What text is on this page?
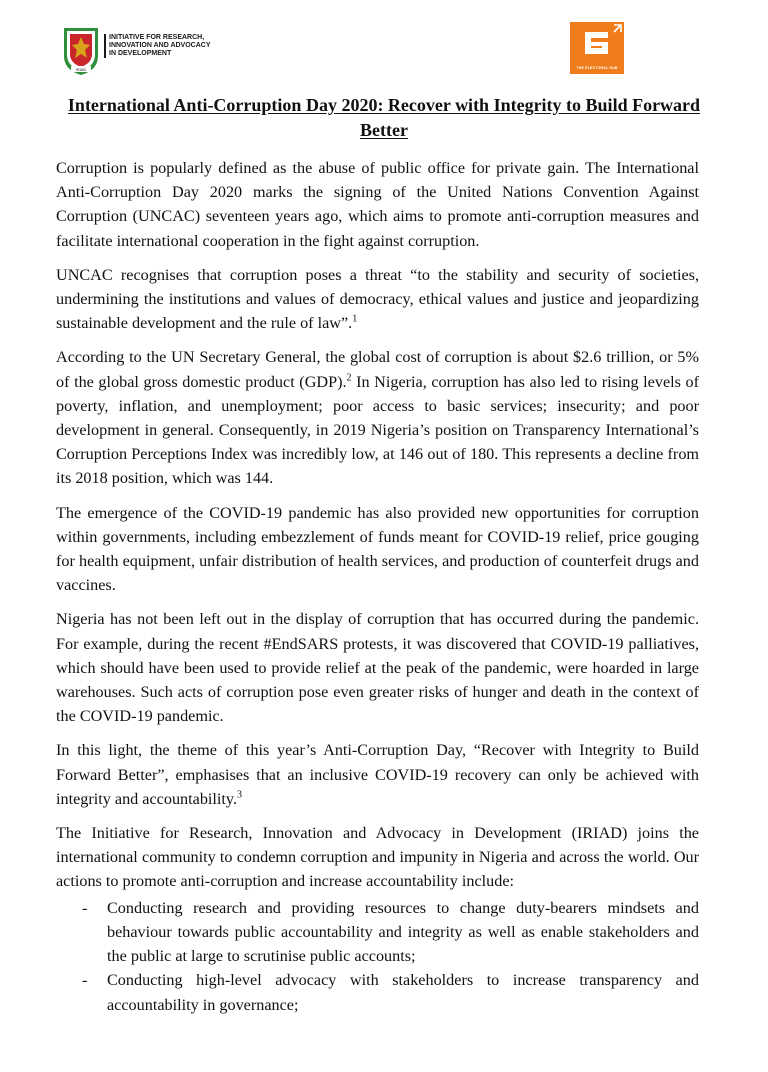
IRIAD
INITIATIVE FOR RESEARCH,
INNOVATION AND ADVOCACY
IN DEVELOPMENT
THE ELECTORAL HUB
International Anti-Corruption Day 2020: Recover with Integrity to Build Forward Better

Corruption is popularly defined as the abuse of public office for private gain. The International Anti-Corruption Day 2020 marks the signing of the United Nations Convention Against Corruption (UNCAC) seventeen years ago, which aims to promote anti-corruption measures and facilitate international cooperation in the fight against corruption.

UNCAC recognises that corruption poses a threat “to the stability and security of societies, undermining the institutions and values of democracy, ethical values and justice and jeopardizing sustainable development and the rule of law”.$^1$

According to the UN Secretary General, the global cost of corruption is about $2.6 trillion, or 5% of the global gross domestic product (GDP).$^2$ In Nigeria, corruption has also led to rising levels of poverty, inflation, and unemployment; poor access to basic services; insecurity; and poor development in general. Consequently, in 2019 Nigeria’s position on Transparency International’s Corruption Perceptions Index was incredibly low, at 146 out of 180. This represents a decline from its 2018 position, which was 144.

The emergence of the COVID-19 pandemic has also provided new opportunities for corruption within governments, including embezzlement of funds meant for COVID-19 relief, price gouging for health equipment, unfair distribution of health services, and production of counterfeit drugs and vaccines.

Nigeria has not been left out in the display of corruption that has occurred during the pandemic. For example, during the recent #EndSARS protests, it was discovered that COVID-19 palliatives, which should have been used to provide relief at the peak of the pandemic, were hoarded in large warehouses. Such acts of corruption pose even greater risks of hunger and death in the context of the COVID-19 pandemic.

In this light, the theme of this year’s Anti-Corruption Day, “Recover with Integrity to Build Forward Better”, emphasises that an inclusive COVID-19 recovery can only be achieved with integrity and accountability.$^3$

The Initiative for Research, Innovation and Advocacy in Development (IRIAD) joins the international community to condemn corruption and impunity in Nigeria and across the world. Our actions to promote anti-corruption and increase accountability include:

- Conducting research and providing resources to change duty-bearers mindsets and behaviour towards public accountability and integrity as well as enable stakeholders and the public at large to scrutinise public accounts;
- Conducting high-level advocacy with stakeholders to increase transparency and accountability in governance;
